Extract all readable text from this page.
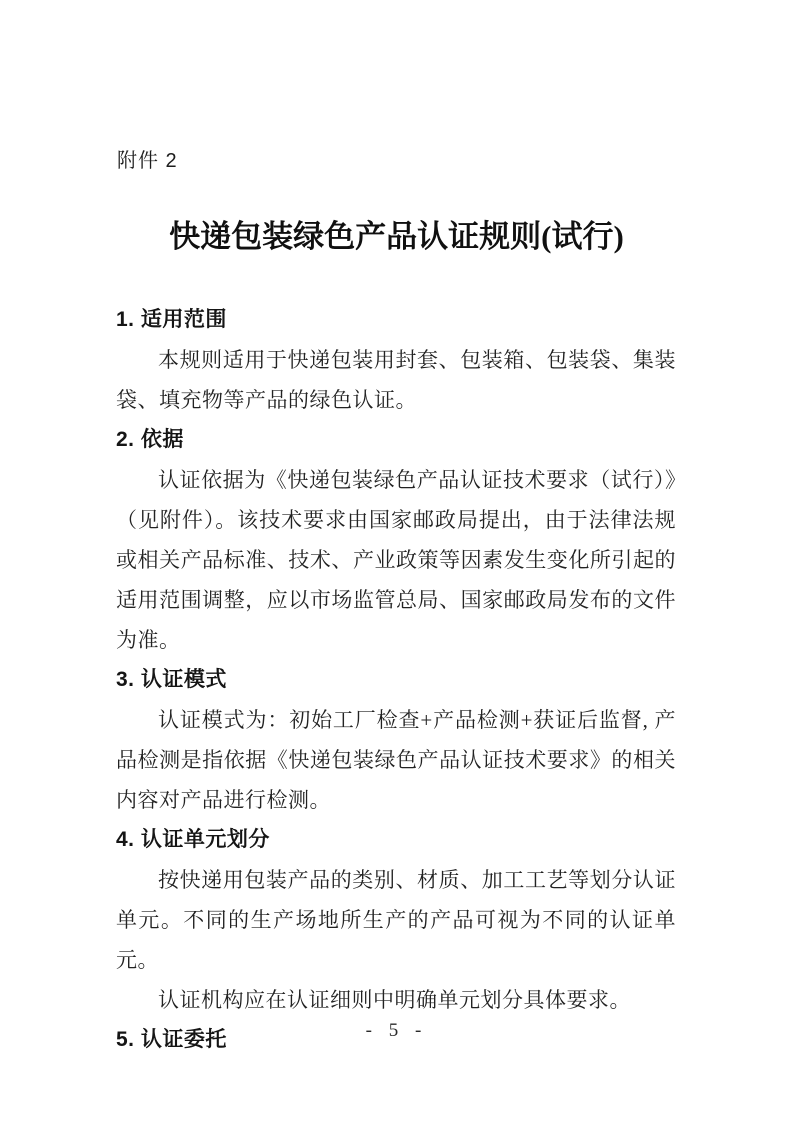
附件 2
快递包装绿色产品认证规则(试行)
1. 适用范围

本规则适用于快递包装用封套、包装箱、包装袋、集装袋、填充物等产品的绿色认证。

2. 依据

认证依据为《快递包装绿色产品认证技术要求（试行）》（见附件）。该技术要求由国家邮政局提出，由于法律法规或相关产品标准、技术、产业政策等因素发生变化所引起的适用范围调整，应以市场监管总局、国家邮政局发布的文件为准。

3. 认证模式

认证模式为：初始工厂检查+产品检测+获证后监督, 产品检测是指依据《快递包装绿色产品认证技术要求》的相关内容对产品进行检测。

4. 认证单元划分

按快递用包装产品的类别、材质、加工工艺等划分认证单元。不同的生产场地所生产的产品可视为不同的认证单元。

认证机构应在认证细则中明确单元划分具体要求。

5. 认证委托	- 5 -
